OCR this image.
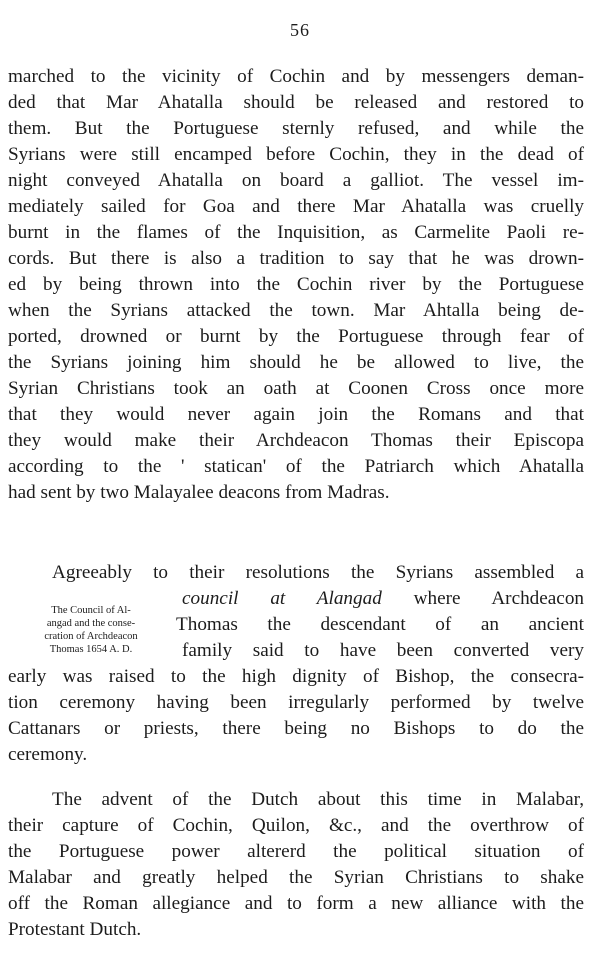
56
marched to the vicinity of Cochin and by messengers deman-
ded that Mar Ahatalla should be released and restored to
them. But the Portuguese sternly refused, and while the
Syrians were still encamped before Cochin, they in the dead of
night conveyed Ahatalla on board a galliot. The vessel im-
mediately sailed for Goa and there Mar Ahatalla was cruelly
burnt in the flames of the Inquisition, as Carmelite Paoli re-
cords. But there is also a tradition to say that he was drown-
ed by being thrown into the Cochin river by the Portuguese
when the Syrians attacked the town. Mar Ahtalla being de-
ported, drowned or burnt by the Portuguese through fear of
the Syrians joining him should he be allowed to live, the
Syrian Christians took an oath at Coonen Cross once more
that they would never again join the Romans and that
they would make their Archdeacon Thomas their Episcopa
according to the ' statican' of the Patriarch which Ahatalla
had sent by two Malayalee deacons from Madras.
Agreeably to their resolutions the Syrians assembled a
council at Alangad where Archdeacon
Thomas the descendant of an ancient
family said to have been converted very
early was raised to the high dignity of Bishop, the consecra-
tion ceremony having been irregularly performed by twelve
Cattanars or priests, there being no Bishops to do the
ceremony.
The Council of Al-
angad and the conse-
cration of Archdeacon
Thomas 1654 A. D.
The advent of the Dutch about this time in Malabar,
their capture of Cochin, Quilon, &c., and the overthrow of
the Portuguese power altererd the political situation of
Malabar and greatly helped the Syrian Christians to shake
off the Roman allegiance and to form a new alliance with the
Protestant Dutch.
